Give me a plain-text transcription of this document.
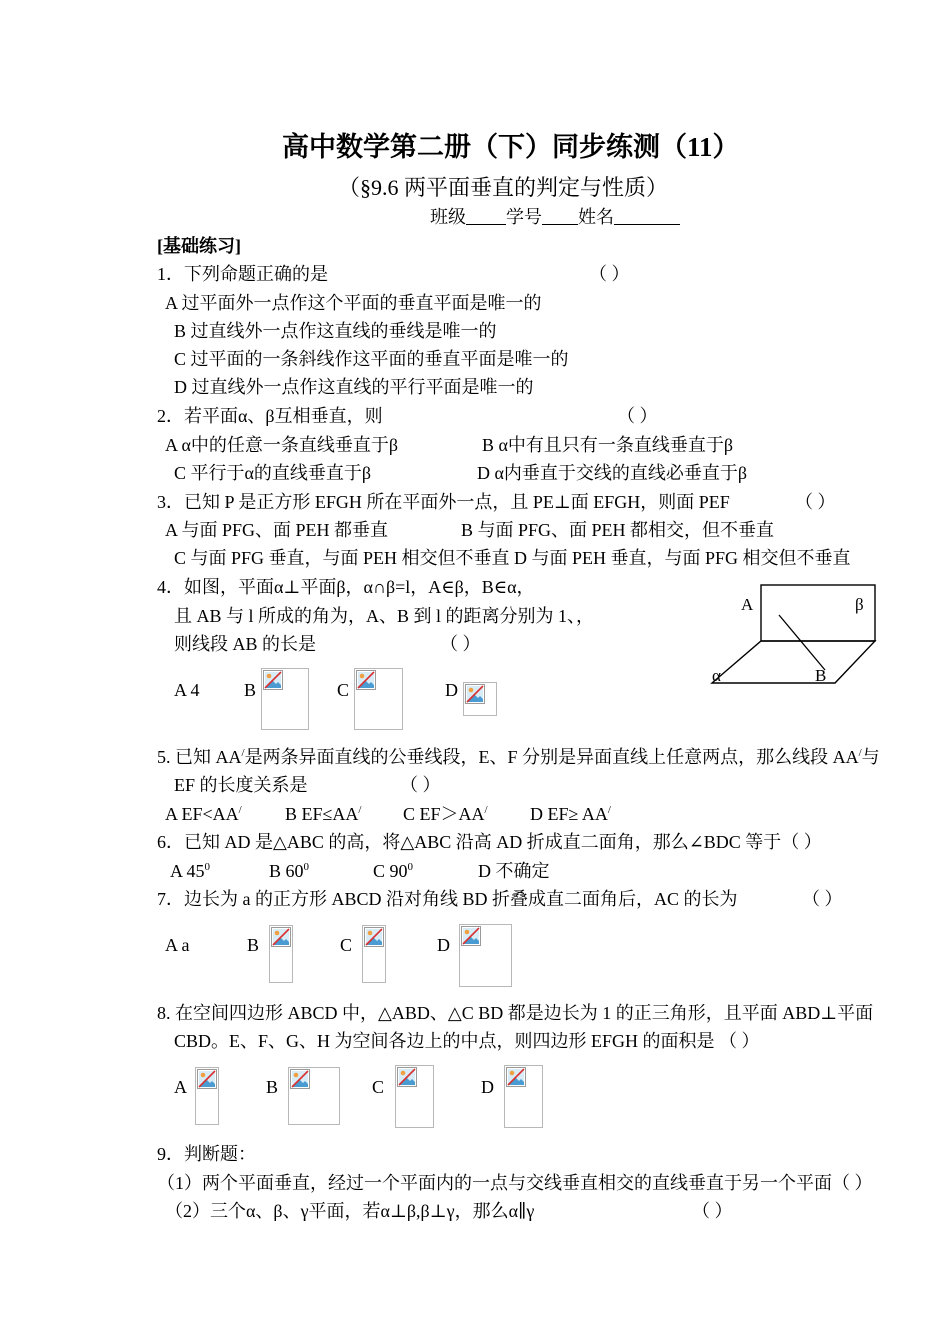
高中数学第二册（下）同步练测（11）
（§9.6 两平面垂直的判定与性质）
班级 学号 姓名
[基础练习]
1．下列命题正确的是	（ ）
A 过平面外一点作这个平面的垂直平面是唯一的
B 过直线外一点作这直线的垂线是唯一的
C 过平面的一条斜线作这平面的垂直平面是唯一的
D 过直线外一点作这直线的平行平面是唯一的
2．若平面α、β互相垂直，则	（ ）
A α中的任意一条直线垂直于β	B α中有且只有一条直线垂直于β
C 平行于α的直线垂直于β	D α内垂直于交线的直线必垂直于β
3．已知 P 是正方形 EFGH 所在平面外一点，且 PE⊥面 EFGH，则面 PEF	（ ）
A 与面 PFG、面 PEH 都垂直	B 与面 PFG、面 PEH 都相交，但不垂直
C 与面 PFG 垂直，与面 PEH 相交但不垂直 D 与面 PEH 垂直，与面 PFG 相交但不垂直
4．如图，平面α⊥平面β，α∩β=l，A∈β，B∈α，
且 AB 与 l 所成的角为，A、B 到 l 的距离分别为 1、，
则线段 AB 的长是	（ ）
A 4 B	C	D
A	β
α	B
5. 已知 AA/是两条异面直线的公垂线段，E、F 分别是异面直线上任意两点，那么线段 AA/与
EF 的长度关系是	（ ）
A EF<AA/ B EF≤AA/ C EF＞AA/ D EF≥ AA/
6．已知 AD 是△ABC 的高，将△ABC 沿高 AD 折成直二面角，那么∠BDC 等于（ ）
A $45^0$	B $60^0$	C $90^0$	D 不确定
7．边长为 a 的正方形 ABCD 沿对角线 BD 折叠成直二面角后，AC 的长为	（ ）
A a	B	C	D
8. 在空间四边形 ABCD 中，△ABD、△C BD 都是边长为 1 的正三角形，且平面 ABD⊥平面
CBD。E、F、G、H 为空间各边上的中点，则四边形 EFGH 的面积是 （ ）
A	B	C	D
9．判断题：
（1）两个平面垂直，经过一个平面内的一点与交线垂直相交的直线垂直于另一个平面（ ）
（2）三个α、β、γ平面，若α⊥β,β⊥γ，那么α∥γ	（ ）
